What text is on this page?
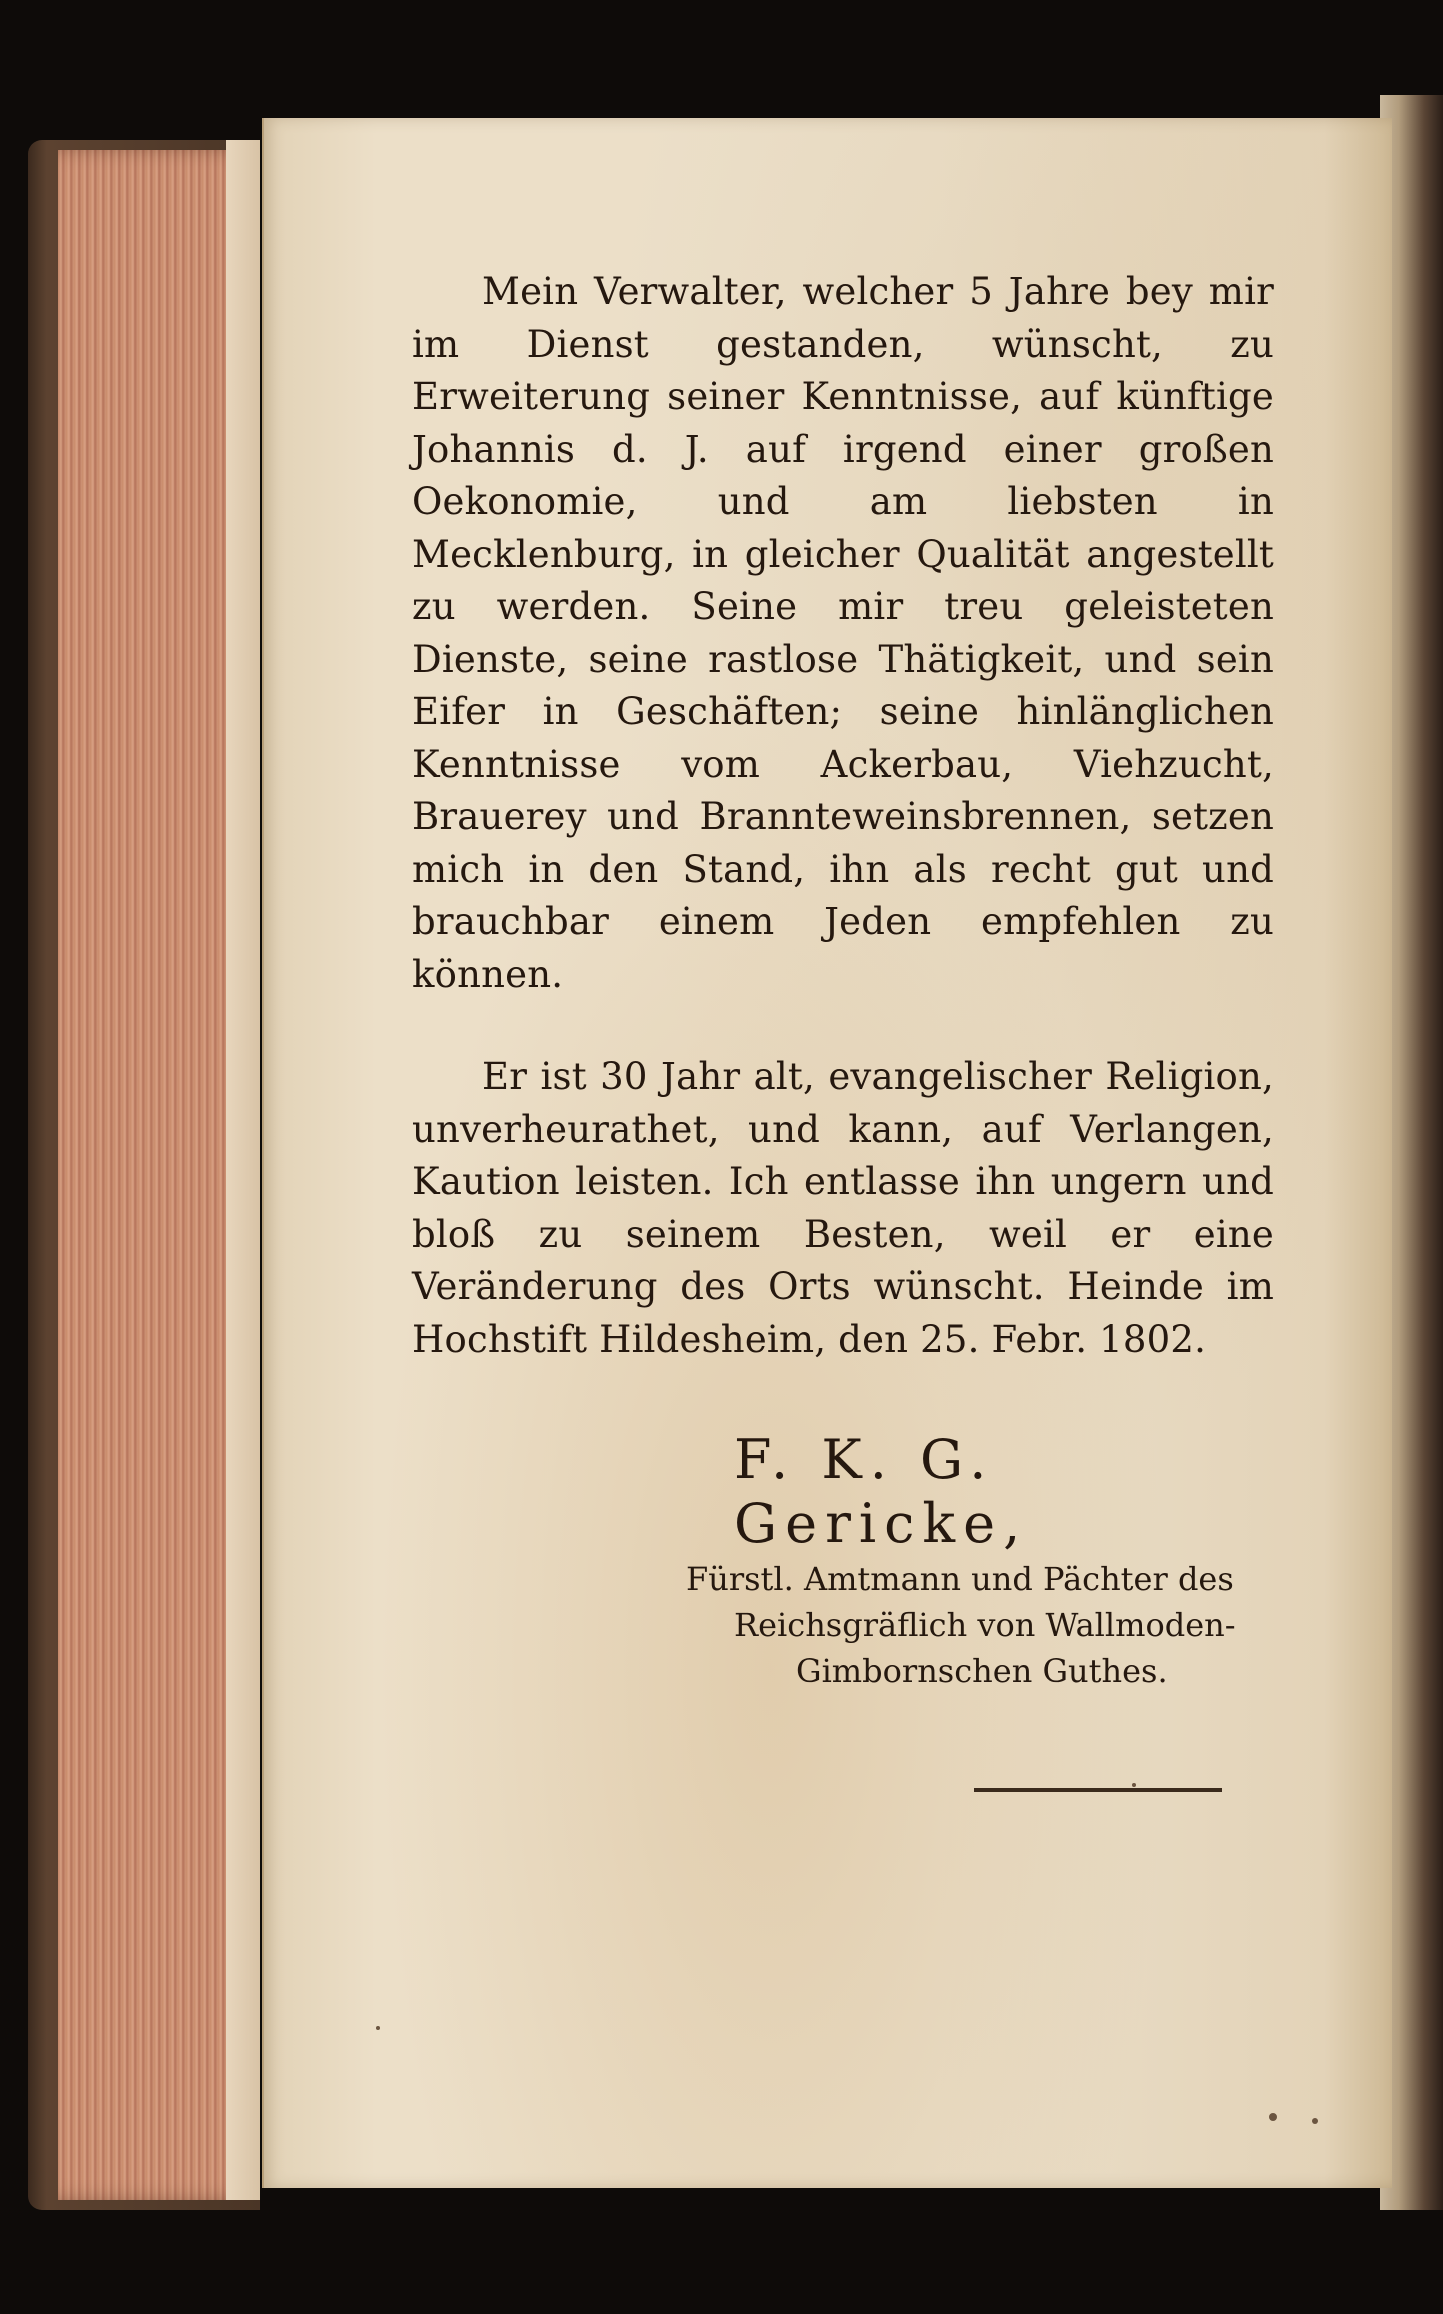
Mein Verwalter, welcher 5 Jahre bey mir im Dienst gestanden, wünscht, zu Erweiterung seiner Kenntnisse, auf künftige Johannis d. J. auf irgend einer großen Oekonomie, und am liebsten in Mecklenburg, in gleicher Qualität angestellt zu werden. Seine mir treu geleisteten Dienste, seine rastlose Thätigkeit, und sein Eifer in Geschäften; seine hinlänglichen Kenntnisse vom Ackerbau, Viehzucht, Brauerey und Brannteweinsbrennen, setzen mich in den Stand, ihn als recht gut und brauchbar einem Jeden empfehlen zu können.

Er ist 30 Jahr alt, evangelischer Religion, unverheurathet, und kann, auf Verlangen, Kaution leisten. Ich entlasse ihn ungern und bloß zu seinem Besten, weil er eine Veränderung des Orts wünscht. Heinde im Hochstift Hildesheim, den 25. Febr. 1802.

F. K. G. Gericke,
Fürstl. Amtmann und Pächter des
Reichsgräflich von Wallmoden-
Gimbornschen Guthes.
